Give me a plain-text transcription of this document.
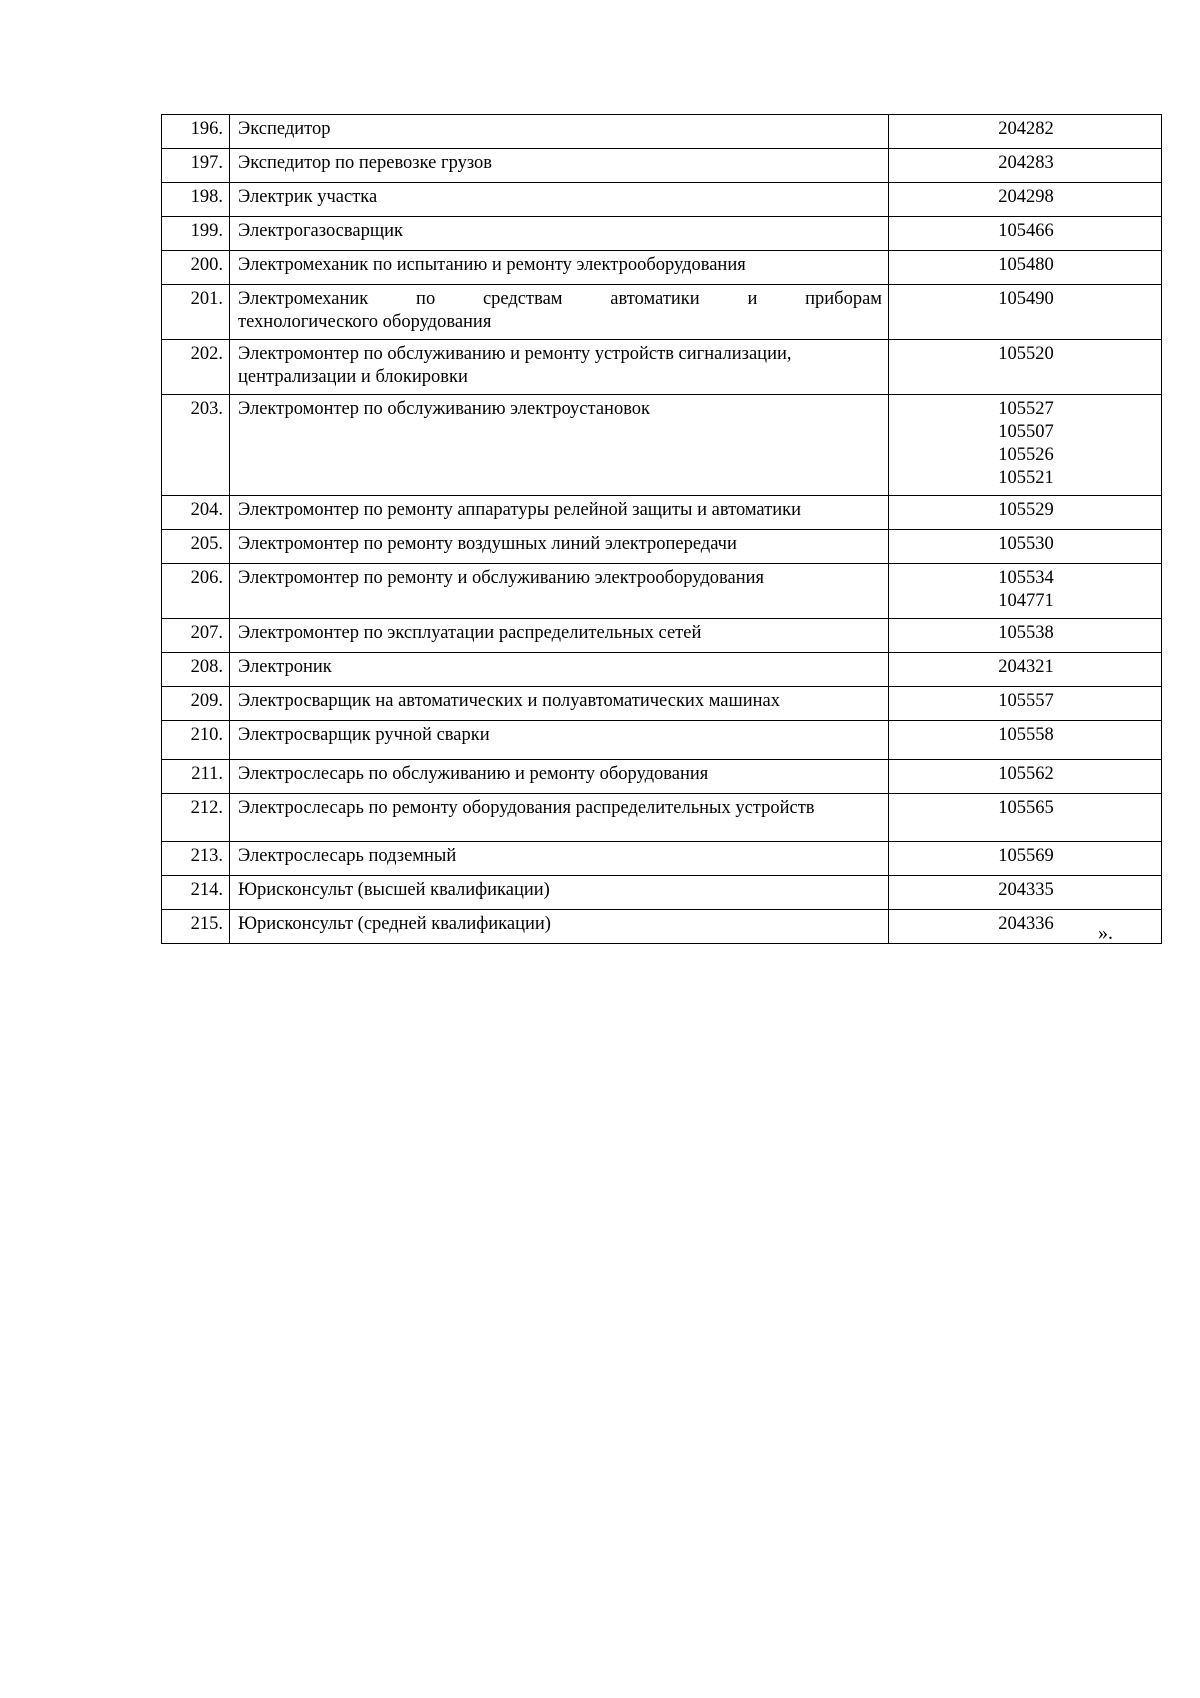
196.	Экспедитор	204282

197.	Экспедитор по перевозке грузов	204283

198.	Электрик участка	204298

199.	Электрогазосварщик	105466

200.	Электромеханик по испытанию и ремонту электрооборудования	105480

201.	Электромеханик по средствам автоматики и приборам
технологического оборудования	105490

202.	Электромонтер по обслуживанию и ремонту устройств сигнализации, централизации и блокировки	105520

203.	Электромонтер по обслуживанию электроустановок	105527
105507
105526
105521

204.	Электромонтер по ремонту аппаратуры релейной защиты и автоматики	105529

205.	Электромонтер по ремонту воздушных линий электропередачи	105530

206.	Электромонтер по ремонту и обслуживанию электрооборудования	105534
104771

207.	Электромонтер по эксплуатации распределительных сетей	105538

208.	Электроник	204321

209.	Электросварщик на автоматических и полуавтоматических машинах	105557

210.	Электросварщик ручной сварки	105558

211.	Электрослесарь по обслуживанию и ремонту оборудования	105562

212.	Электрослесарь по ремонту оборудования распределительных устройств	105565

213.	Электрослесарь подземный	105569

214.	Юрисконсульт (высшей квалификации)	204335

215.	Юрисконсульт (средней квалификации)	204336	».
